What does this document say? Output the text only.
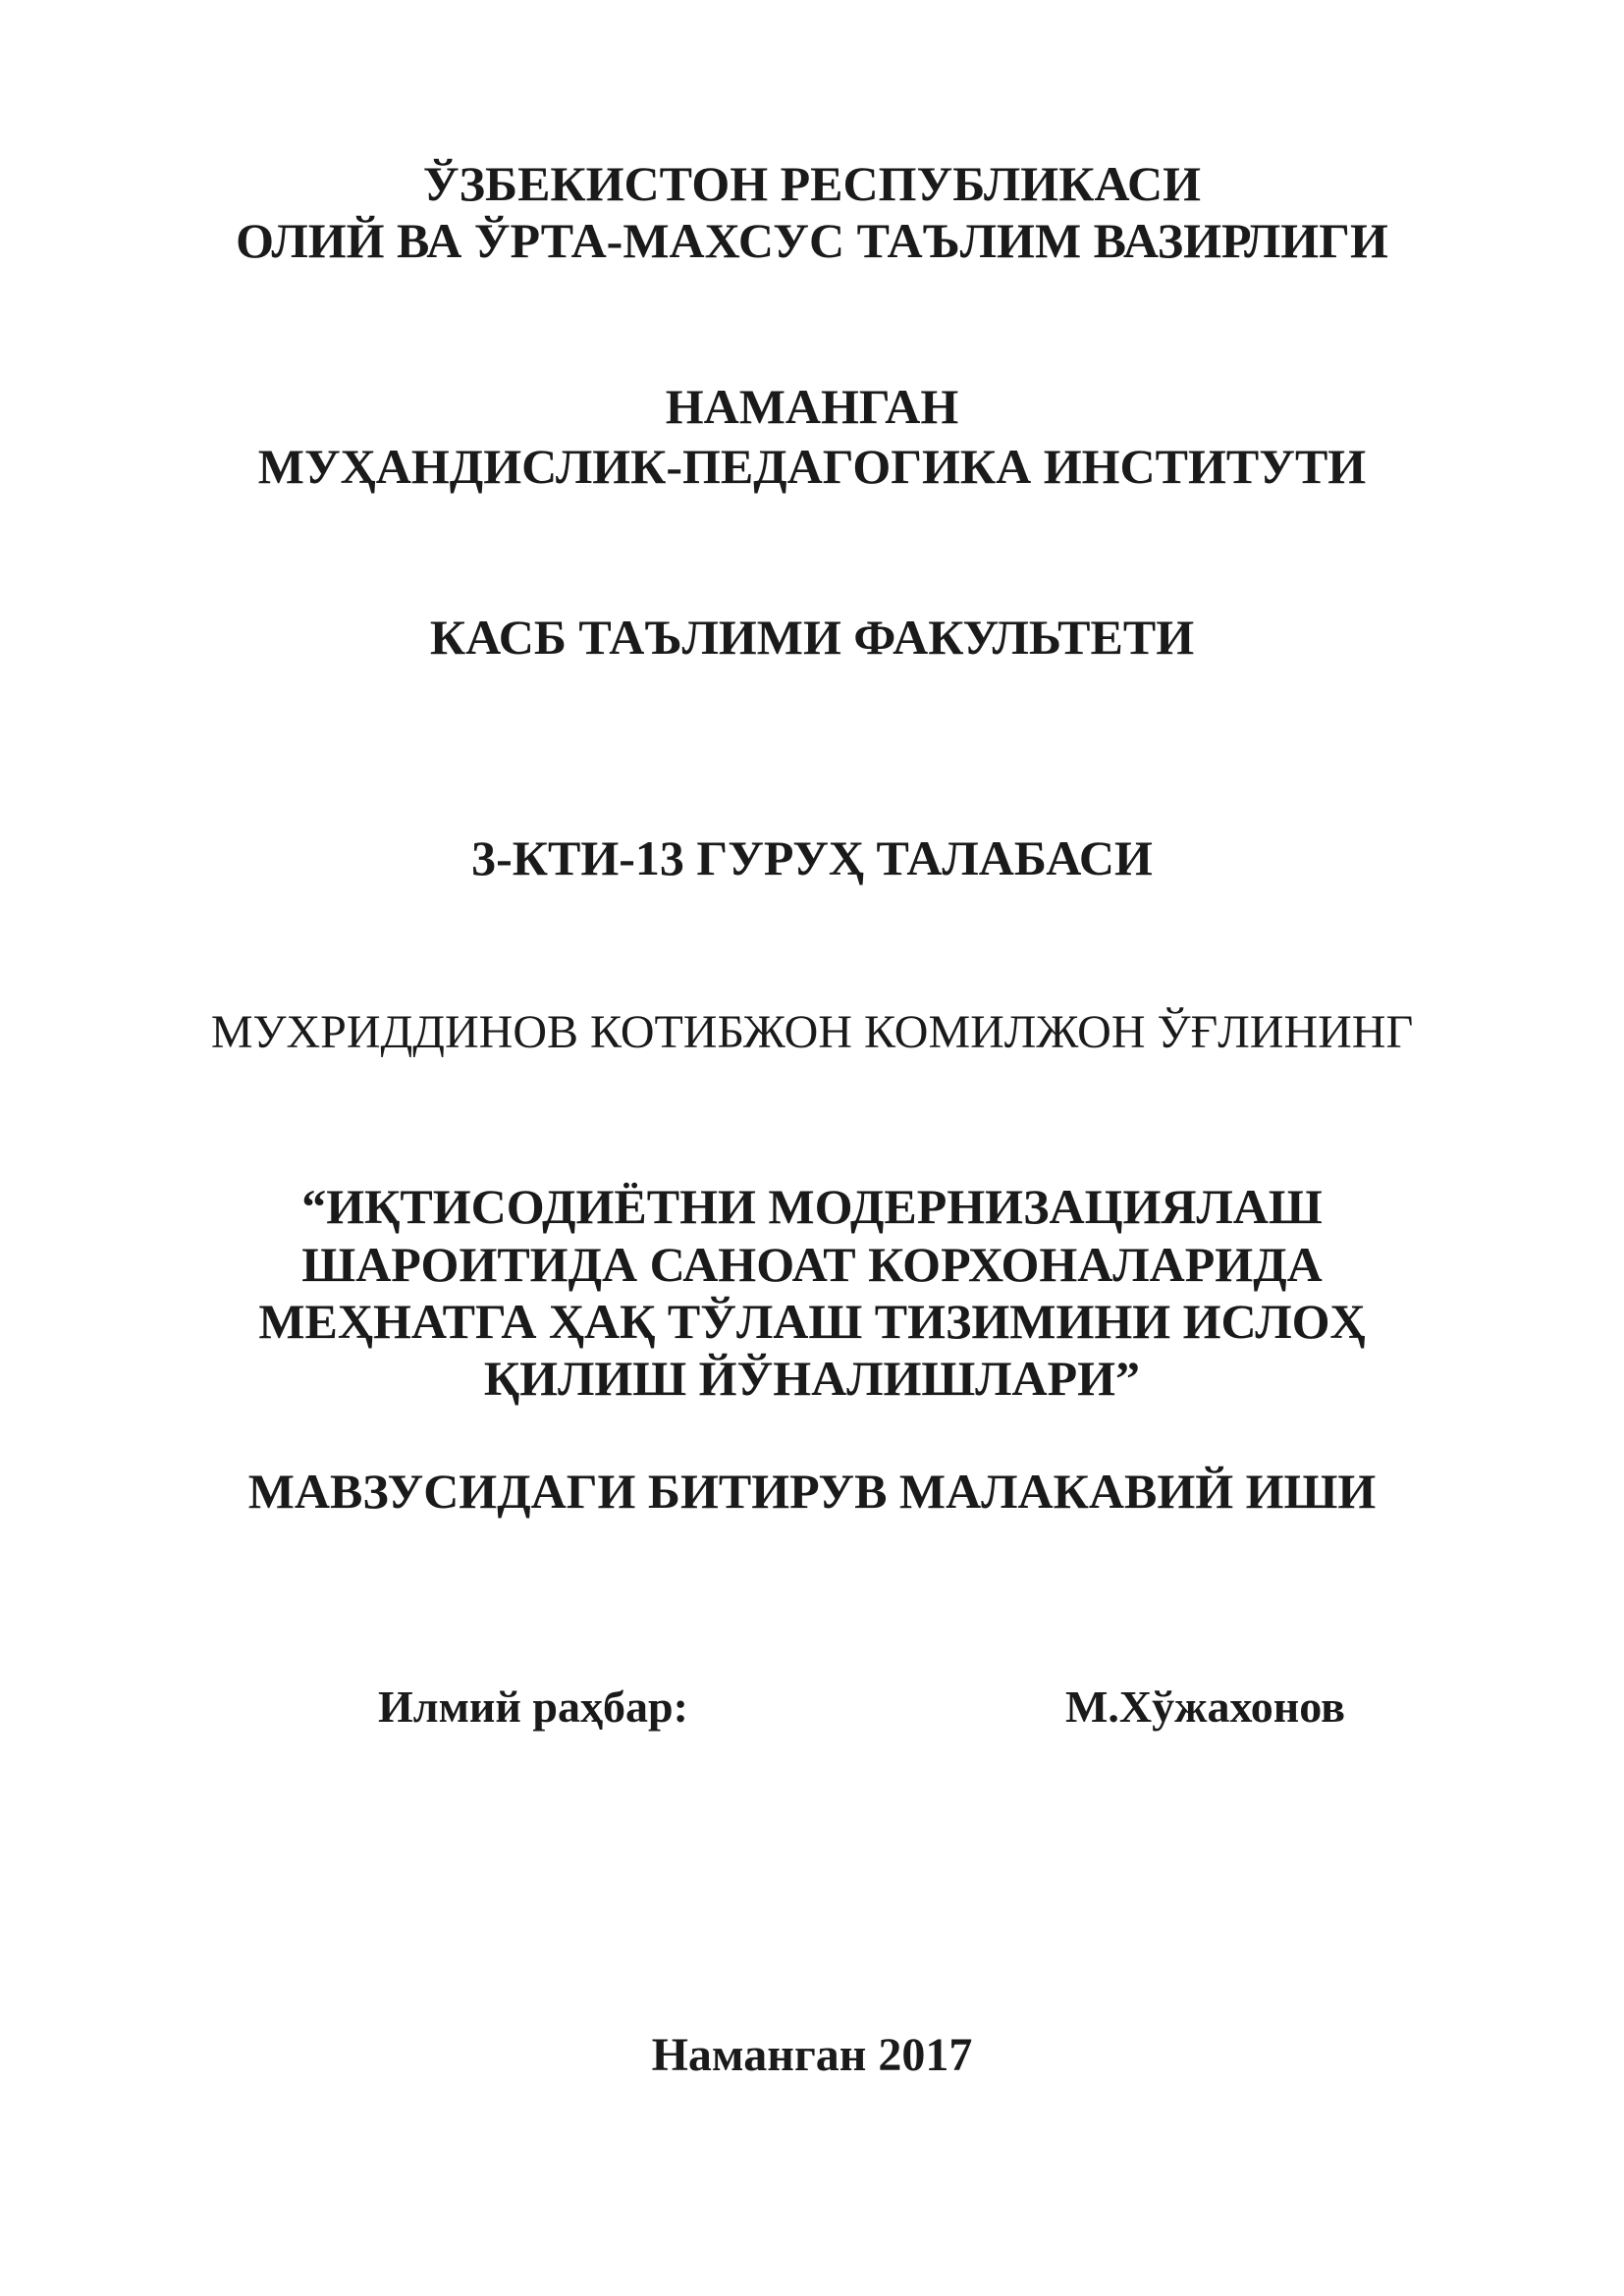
ЎЗБЕКИСТОН РЕСПУБЛИКАСИ
ОЛИЙ ВА ЎРТА-МАХСУС ТАЪЛИМ ВАЗИРЛИГИ
НАМАНГАН
МУҲАНДИСЛИК-ПЕДАГОГИКА ИНСТИТУТИ
КАСБ ТАЪЛИМИ ФАКУЛЬТЕТИ
3-КТИ-13 ГУРУҲ ТАЛАБАСИ
МУХРИДДИНОВ КОТИБЖОН КОМИЛЖОН ЎҒЛИНИНГ
“ИҚТИСОДИЁТНИ МОДЕРНИЗАЦИЯЛАШ
ШАРОИТИДА САНОАТ КОРХОНАЛАРИДА
МЕҲНАТГА ҲАҚ ТЎЛАШ ТИЗИМИНИ ИСЛОҲ
ҚИЛИШ ЙЎНАЛИШЛАРИ”
МАВЗУСИДАГИ БИТИРУВ МАЛАКАВИЙ ИШИ
Илмий раҳбар:	М.Хўжахонов
Наманган 2017
